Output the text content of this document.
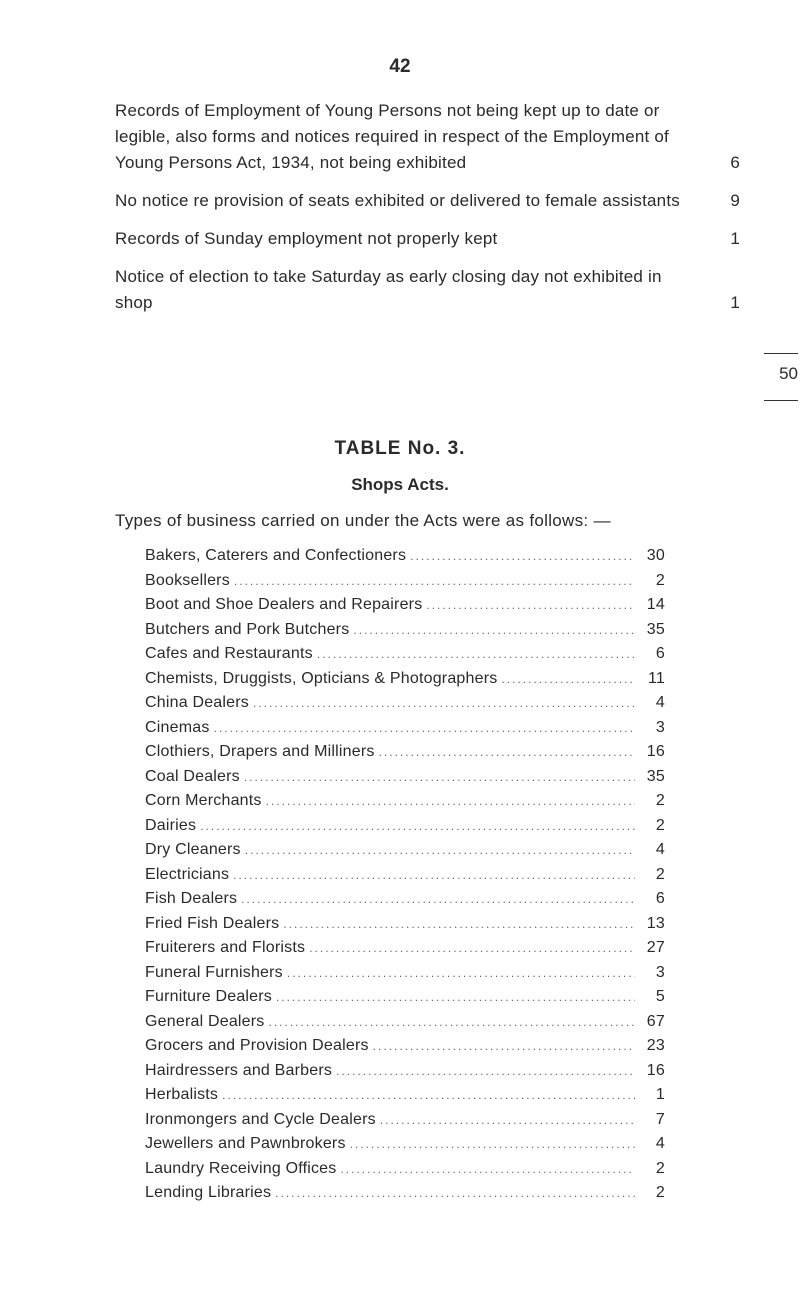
42
Records of Employment of Young Persons not being kept up to date or legible, also forms and notices required in respect of the Employment of Young Persons Act, 1934, not being exhibited	6
No notice re provision of seats exhibited or delivered to female assistants	9
Records of Sunday employment not properly kept	1
Notice of election to take Saturday as early closing day not exhibited in shop	1
50
TABLE No. 3.
Shops Acts.
Types of business carried on under the Acts were as follows: —
Bakers, Caterers and Confectioners .....	30
Booksellers .....	2
Boot and Shoe Dealers and Repairers .....	14
Butchers and Pork Butchers .....	35
Cafes and Restaurants .....	6
Chemists, Druggists, Opticians & Photographers .....	11
China Dealers .....	4
Cinemas .....	3
Clothiers, Drapers and Milliners .....	16
Coal Dealers .....	35
Corn Merchants .....	2
Dairies .....	2
Dry Cleaners .....	4
Electricians .....	2
Fish Dealers .....	6
Fried Fish Dealers .....	13
Fruiterers and Florists .....	27
Funeral Furnishers .....	3
Furniture Dealers .....	5
General Dealers .....	67
Grocers and Provision Dealers .....	23
Hairdressers and Barbers .....	16
Herbalists .....	1
Ironmongers and Cycle Dealers .....	7
Jewellers and Pawnbrokers .....	4
Laundry Receiving Offices .....	2
Lending Libraries .....	2
